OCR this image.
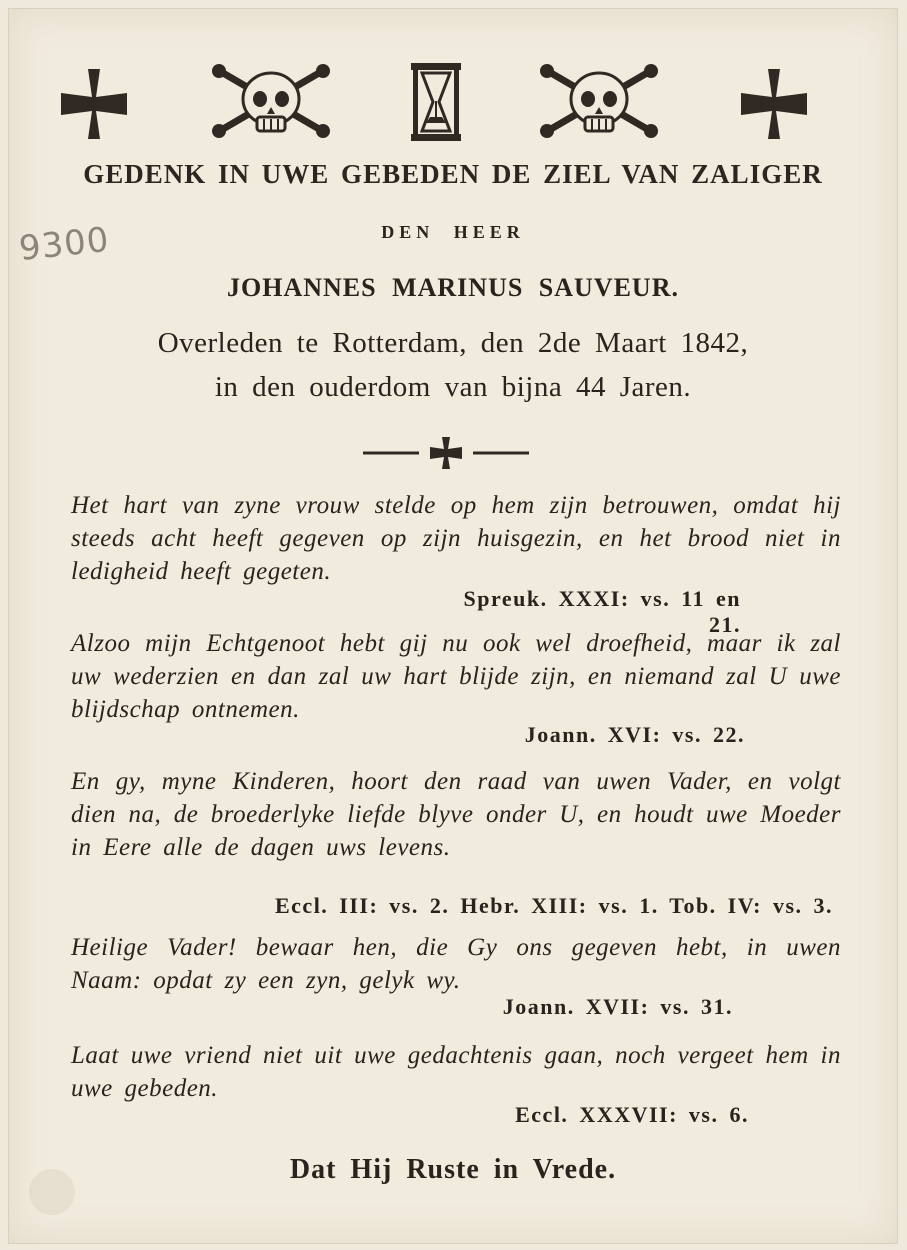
9300
GEDENK IN UWE GEBEDEN DE ZIEL VAN ZALIGER
DEN HEER
JOHANNES MARINUS SAUVEUR.
Overleden te Rotterdam, den 2de Maart 1842,
in den ouderdom van bijna 44 Jaren.
Het hart van zyne vrouw stelde op hem zijn betrouwen, omdat hij steeds acht heeft gegeven op zijn huisgezin, en het brood niet in ledigheid heeft gegeten.
Spreuk. XXXI: vs. 11 en 21.
Alzoo mijn Echtgenoot hebt gij nu ook wel droefheid, maar ik zal uw wederzien en dan zal uw hart blijde zijn, en niemand zal U uwe blijdschap ontnemen.
Joann. XVI: vs. 22.
En gy, myne Kinderen, hoort den raad van uwen Vader, en volgt dien na, de broederlyke liefde blyve onder U, en houdt uwe Moeder in Eere alle de dagen uws levens.
Eccl. III: vs. 2. Hebr. XIII: vs. 1. Tob. IV: vs. 3.
Heilige Vader! bewaar hen, die Gy ons gegeven hebt, in uwen Naam: opdat zy een zyn, gelyk wy.
Joann. XVII: vs. 31.
Laat uwe vriend niet uit uwe gedachtenis gaan, noch vergeet hem in uwe gebeden.
Eccl. XXXVII: vs. 6.
Dat Hij Ruste in Vrede.
